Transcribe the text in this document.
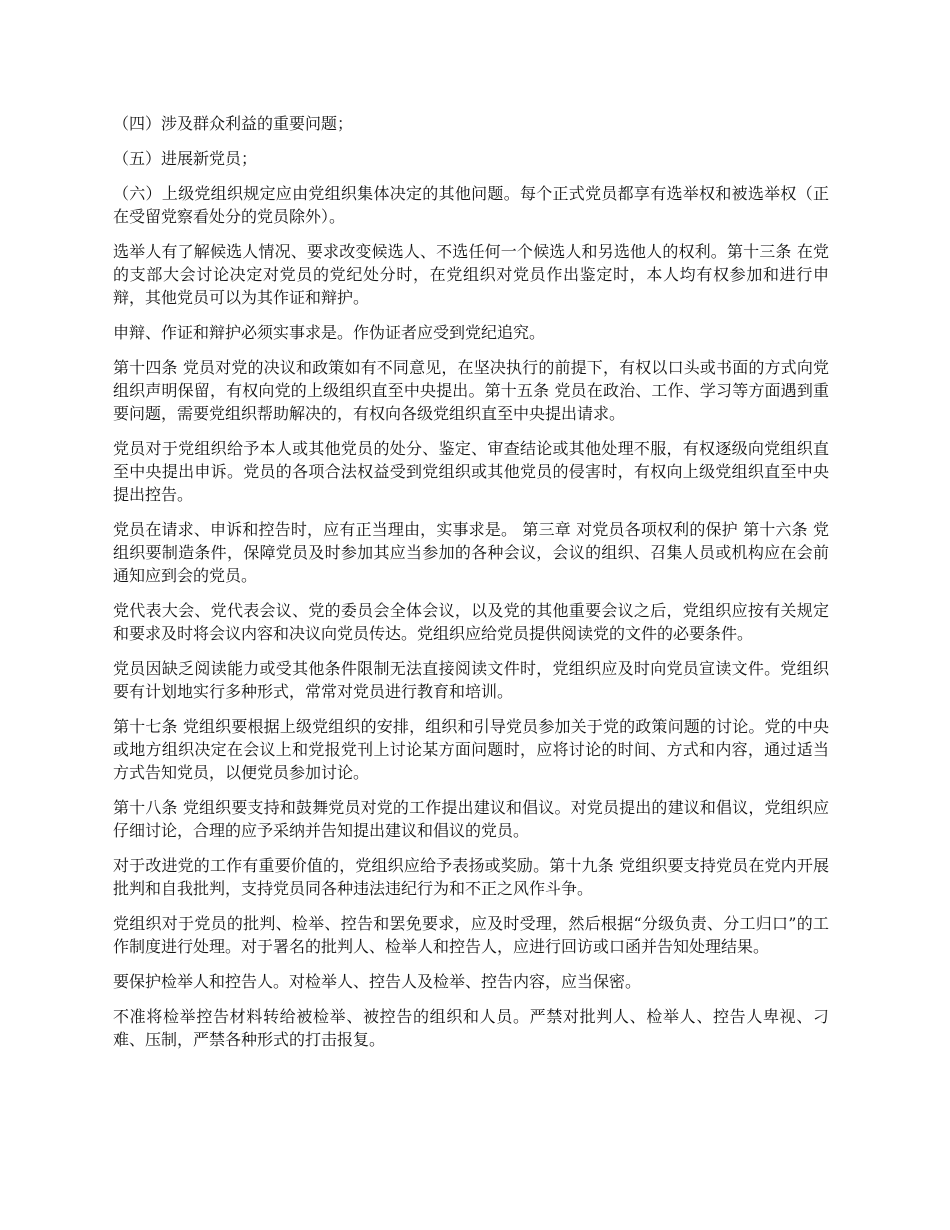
（四）涉及群众利益的重要问题；

（五）进展新党员；

（六）上级党组织规定应由党组织集体决定的其他问题。每个正式党员都享有选举权和被选举权（正在受留党察看处分的党员除外）。

选举人有了解候选人情况、要求改变候选人、不选任何一个候选人和另选他人的权利。第十三条 在党的支部大会讨论决定对党员的党纪处分时，在党组织对党员作出鉴定时，本人均有权参加和进行申辩，其他党员可以为其作证和辩护。

申辩、作证和辩护必须实事求是。作伪证者应受到党纪追究。

第十四条 党员对党的决议和政策如有不同意见，在坚决执行的前提下，有权以口头或书面的方式向党组织声明保留，有权向党的上级组织直至中央提出。第十五条 党员在政治、工作、学习等方面遇到重要问题，需要党组织帮助解决的，有权向各级党组织直至中央提出请求。

党员对于党组织给予本人或其他党员的处分、鉴定、审查结论或其他处理不服，有权逐级向党组织直至中央提出申诉。党员的各项合法权益受到党组织或其他党员的侵害时，有权向上级党组织直至中央提出控告。

党员在请求、申诉和控告时，应有正当理由，实事求是。 第三章 对党员各项权利的保护 第十六条 党组织要制造条件，保障党员及时参加其应当参加的各种会议，会议的组织、召集人员或机构应在会前通知应到会的党员。

党代表大会、党代表会议、党的委员会全体会议，以及党的其他重要会议之后，党组织应按有关规定和要求及时将会议内容和决议向党员传达。党组织应给党员提供阅读党的文件的必要条件。

党员因缺乏阅读能力或受其他条件限制无法直接阅读文件时，党组织应及时向党员宣读文件。党组织要有计划地实行多种形式，常常对党员进行教育和培训。

第十七条 党组织要根据上级党组织的安排，组织和引导党员参加关于党的政策问题的讨论。党的中央或地方组织决定在会议上和党报党刊上讨论某方面问题时，应将讨论的时间、方式和内容，通过适当方式告知党员，以便党员参加讨论。

第十八条 党组织要支持和鼓舞党员对党的工作提出建议和倡议。对党员提出的建议和倡议，党组织应仔细讨论，合理的应予采纳并告知提出建议和倡议的党员。

对于改进党的工作有重要价值的，党组织应给予表扬或奖励。第十九条 党组织要支持党员在党内开展批判和自我批判，支持党员同各种违法违纪行为和不正之风作斗争。

党组织对于党员的批判、检举、控告和罢免要求，应及时受理，然后根据“分级负责、分工归口”的工作制度进行处理。对于署名的批判人、检举人和控告人，应进行回访或口函并告知处理结果。

要保护检举人和控告人。对检举人、控告人及检举、控告内容，应当保密。

不准将检举控告材料转给被检举、被控告的组织和人员。严禁对批判人、检举人、控告人卑视、刁难、压制，严禁各种形式的打击报复。
